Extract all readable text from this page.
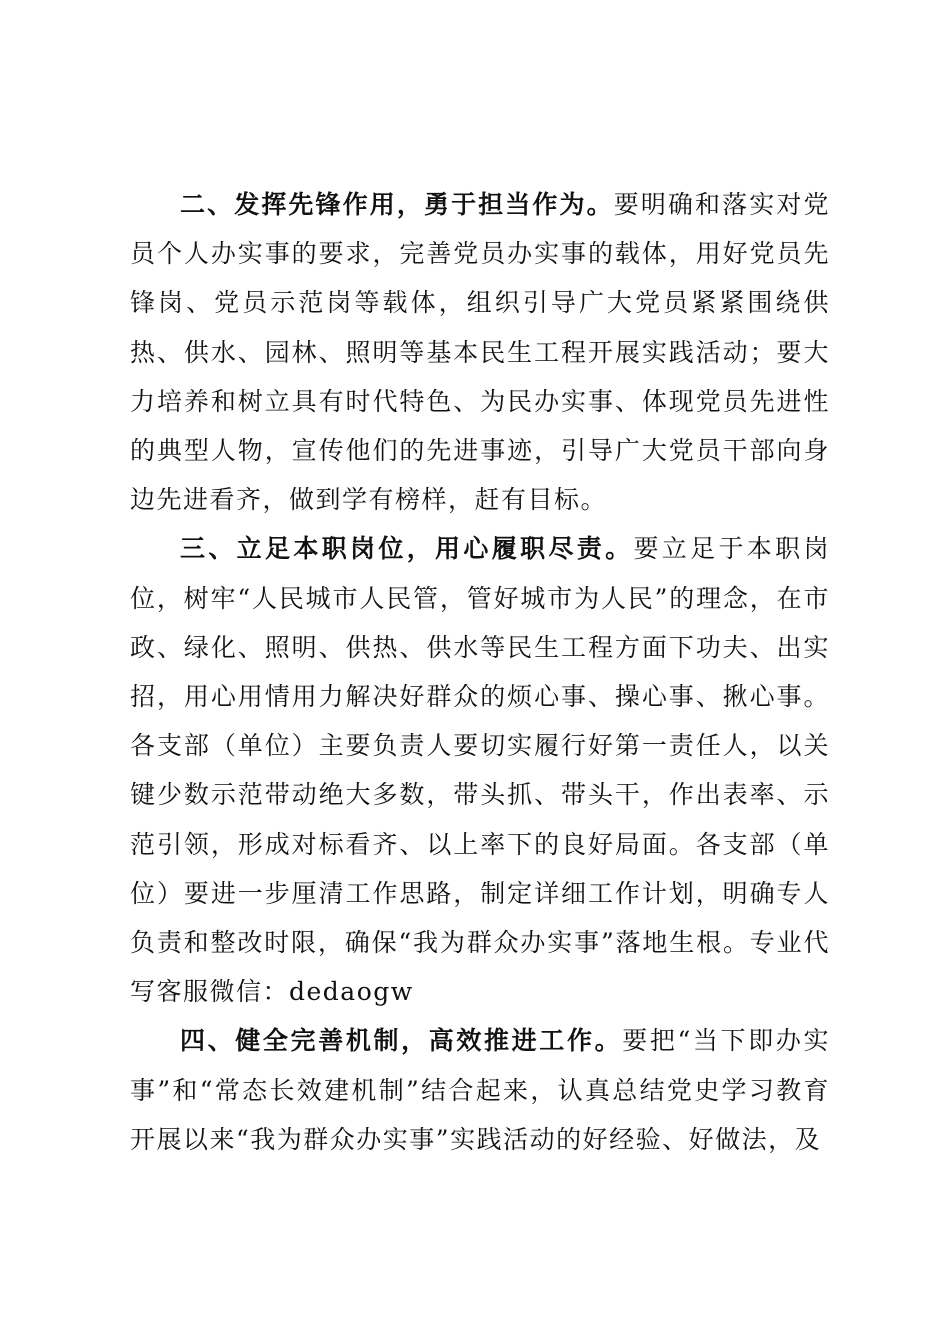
二、发挥先锋作用，勇于担当作为。要明确和落实对党员个人办实事的要求，完善党员办实事的载体，用好党员先锋岗、党员示范岗等载体，组织引导广大党员紧紧围绕供热、供水、园林、照明等基本民生工程开展实践活动；要大力培养和树立具有时代特色、为民办实事、体现党员先进性的典型人物，宣传他们的先进事迹，引导广大党员干部向身边先进看齐，做到学有榜样，赶有目标。

三、立足本职岗位，用心履职尽责。要立足于本职岗位，树牢“人民城市人民管，管好城市为人民”的理念，在市政、绿化、照明、供热、供水等民生工程方面下功夫、出实招，用心用情用力解决好群众的烦心事、操心事、揪心事。各支部（单位）主要负责人要切实履行好第一责任人，以关键少数示范带动绝大多数，带头抓、带头干，作出表率、示范引领，形成对标看齐、以上率下的良好局面。各支部（单位）要进一步厘清工作思路，制定详细工作计划，明确专人负责和整改时限，确保“我为群众办实事”落地生根。专业代写客服微信：dedaogw

四、健全完善机制，高效推进工作。要把“当下即办实事”和“常态长效建机制”结合起来，认真总结党史学习教育开展以来“我为群众办实事”实践活动的好经验、好做法，及
